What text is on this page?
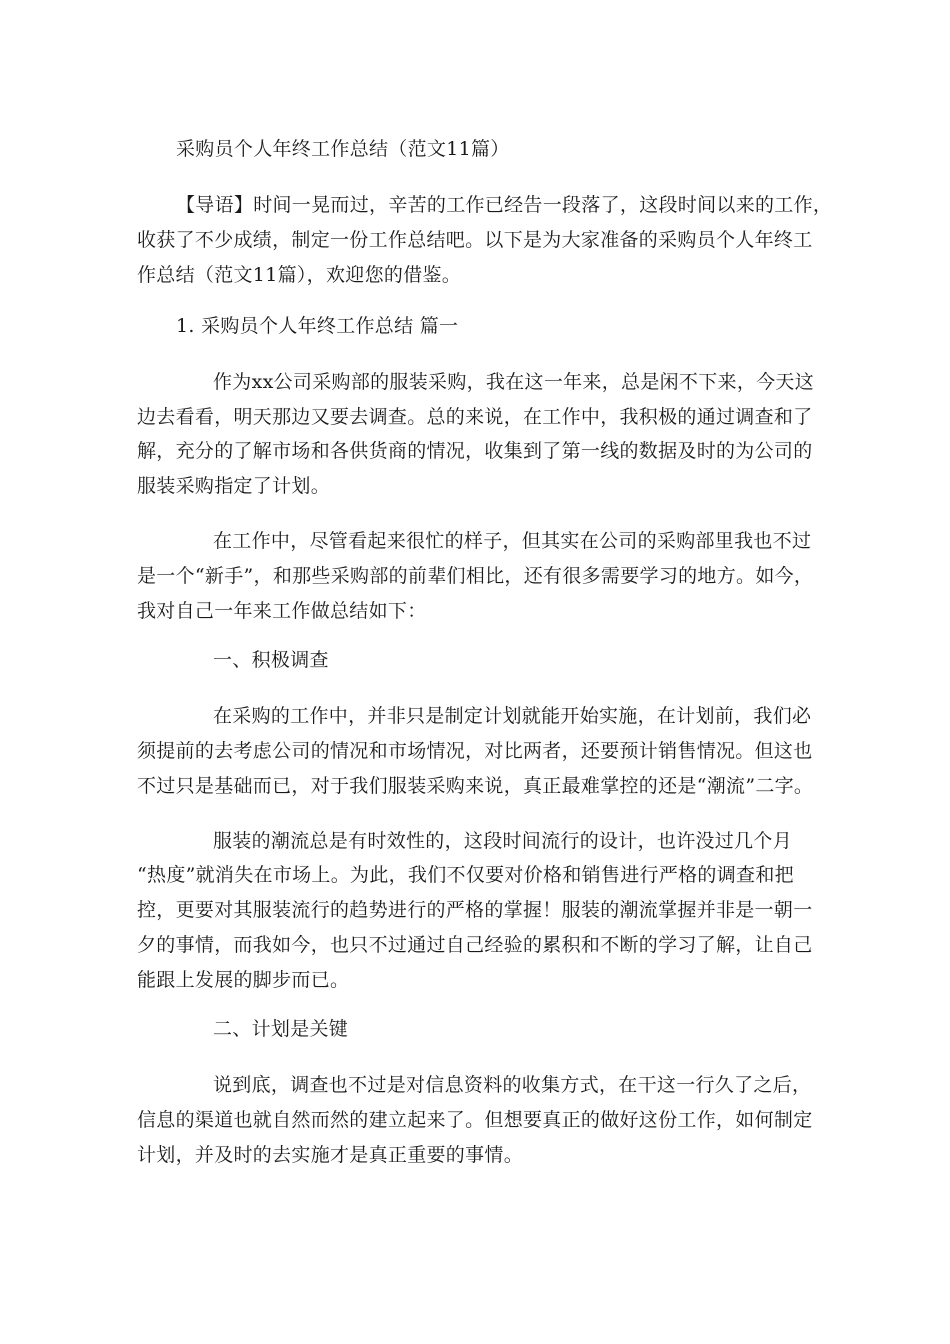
采购员个人年终工作总结（范文11篇）
【导语】时间一晃而过，辛苦的工作已经告一段落了，这段时间以来的工作，
收获了不少成绩，制定一份工作总结吧。以下是为大家准备的采购员个人年终工
作总结（范文11篇），欢迎您的借鉴。
1. 采购员个人年终工作总结 篇一
作为xx公司采购部的服装采购，我在这一年来，总是闲不下来，今天这
边去看看，明天那边又要去调查。总的来说，在工作中，我积极的通过调查和了
解，充分的了解市场和各供货商的情况，收集到了第一线的数据及时的为公司的
服装采购指定了计划。
在工作中，尽管看起来很忙的样子，但其实在公司的采购部里我也不过
是一个“新手”，和那些采购部的前辈们相比，还有很多需要学习的地方。如今，
我对自己一年来工作做总结如下：
一、积极调查
在采购的工作中，并非只是制定计划就能开始实施，在计划前，我们必
须提前的去考虑公司的情况和市场情况，对比两者，还要预计销售情况。但这也
不过只是基础而已，对于我们服装采购来说，真正最难掌控的还是“潮流”二字。
服装的潮流总是有时效性的，这段时间流行的设计，也许没过几个月
“热度”就消失在市场上。为此，我们不仅要对价格和销售进行严格的调查和把
控，更要对其服装流行的趋势进行的严格的掌握！服装的潮流掌握并非是一朝一
夕的事情，而我如今，也只不过通过自己经验的累积和不断的学习了解，让自己
能跟上发展的脚步而已。
二、计划是关键
说到底，调查也不过是对信息资料的收集方式，在干这一行久了之后，
信息的渠道也就自然而然的建立起来了。但想要真正的做好这份工作，如何制定
计划，并及时的去实施才是真正重要的事情。
